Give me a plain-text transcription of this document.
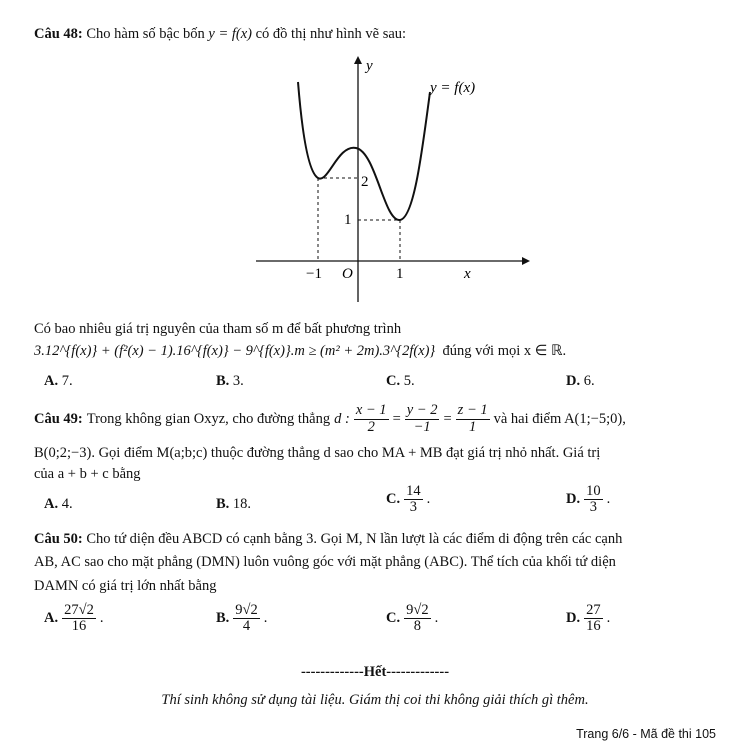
Câu 48: Cho hàm số bậc bốn y = f(x) có đồ thị như hình vẽ sau:
y
x
O
y = f(x)
−1	1
2
1
Có bao nhiêu giá trị nguyên của tham số m để bất phương trình
3.12^{f(x)} + (f²(x) − 1).16^{f(x)} − 9^{f(x)}.m ≥ (m² + 2m).3^{2f(x)} đúng với mọi x ∈ ℝ.
A. 7.	B. 3.	C. 5.	D. 6.
Câu 49: Trong không gian Oxyz, cho đường thẳng d : $\frac{x - 1}{2} = \frac{y - 2}{-1} = \frac{z - 1}{1}$ và hai điểm A(1;−5;0),
B(0;2;−3). Gọi điểm M(a;b;c) thuộc đường thẳng d sao cho MA + MB đạt giá trị nhỏ nhất. Giá trị
của a + b + c bằng
A. 4.	B. 18.	C. $\frac{14}{3}$ .	D. $\frac{10}{3}$ .
Câu 50: Cho tứ diện đều ABCD có cạnh bằng 3. Gọi M, N lần lượt là các điểm di động trên các cạnh
AB, AC sao cho mặt phẳng (DMN) luôn vuông góc với mặt phẳng (ABC). Thể tích của khối tứ diện
DAMN có giá trị lớn nhất bằng
A. $\frac{27√2}{16}$ .	B. $\frac{9√2}{4}$ .	C. $\frac{9√2}{8}$ .	D. $\frac{27}{16}$ .
-------------Hết-------------
Thí sinh không sử dụng tài liệu. Giám thị coi thi không giải thích gì thêm.
Trang 6/6 - Mã đề thi 105
